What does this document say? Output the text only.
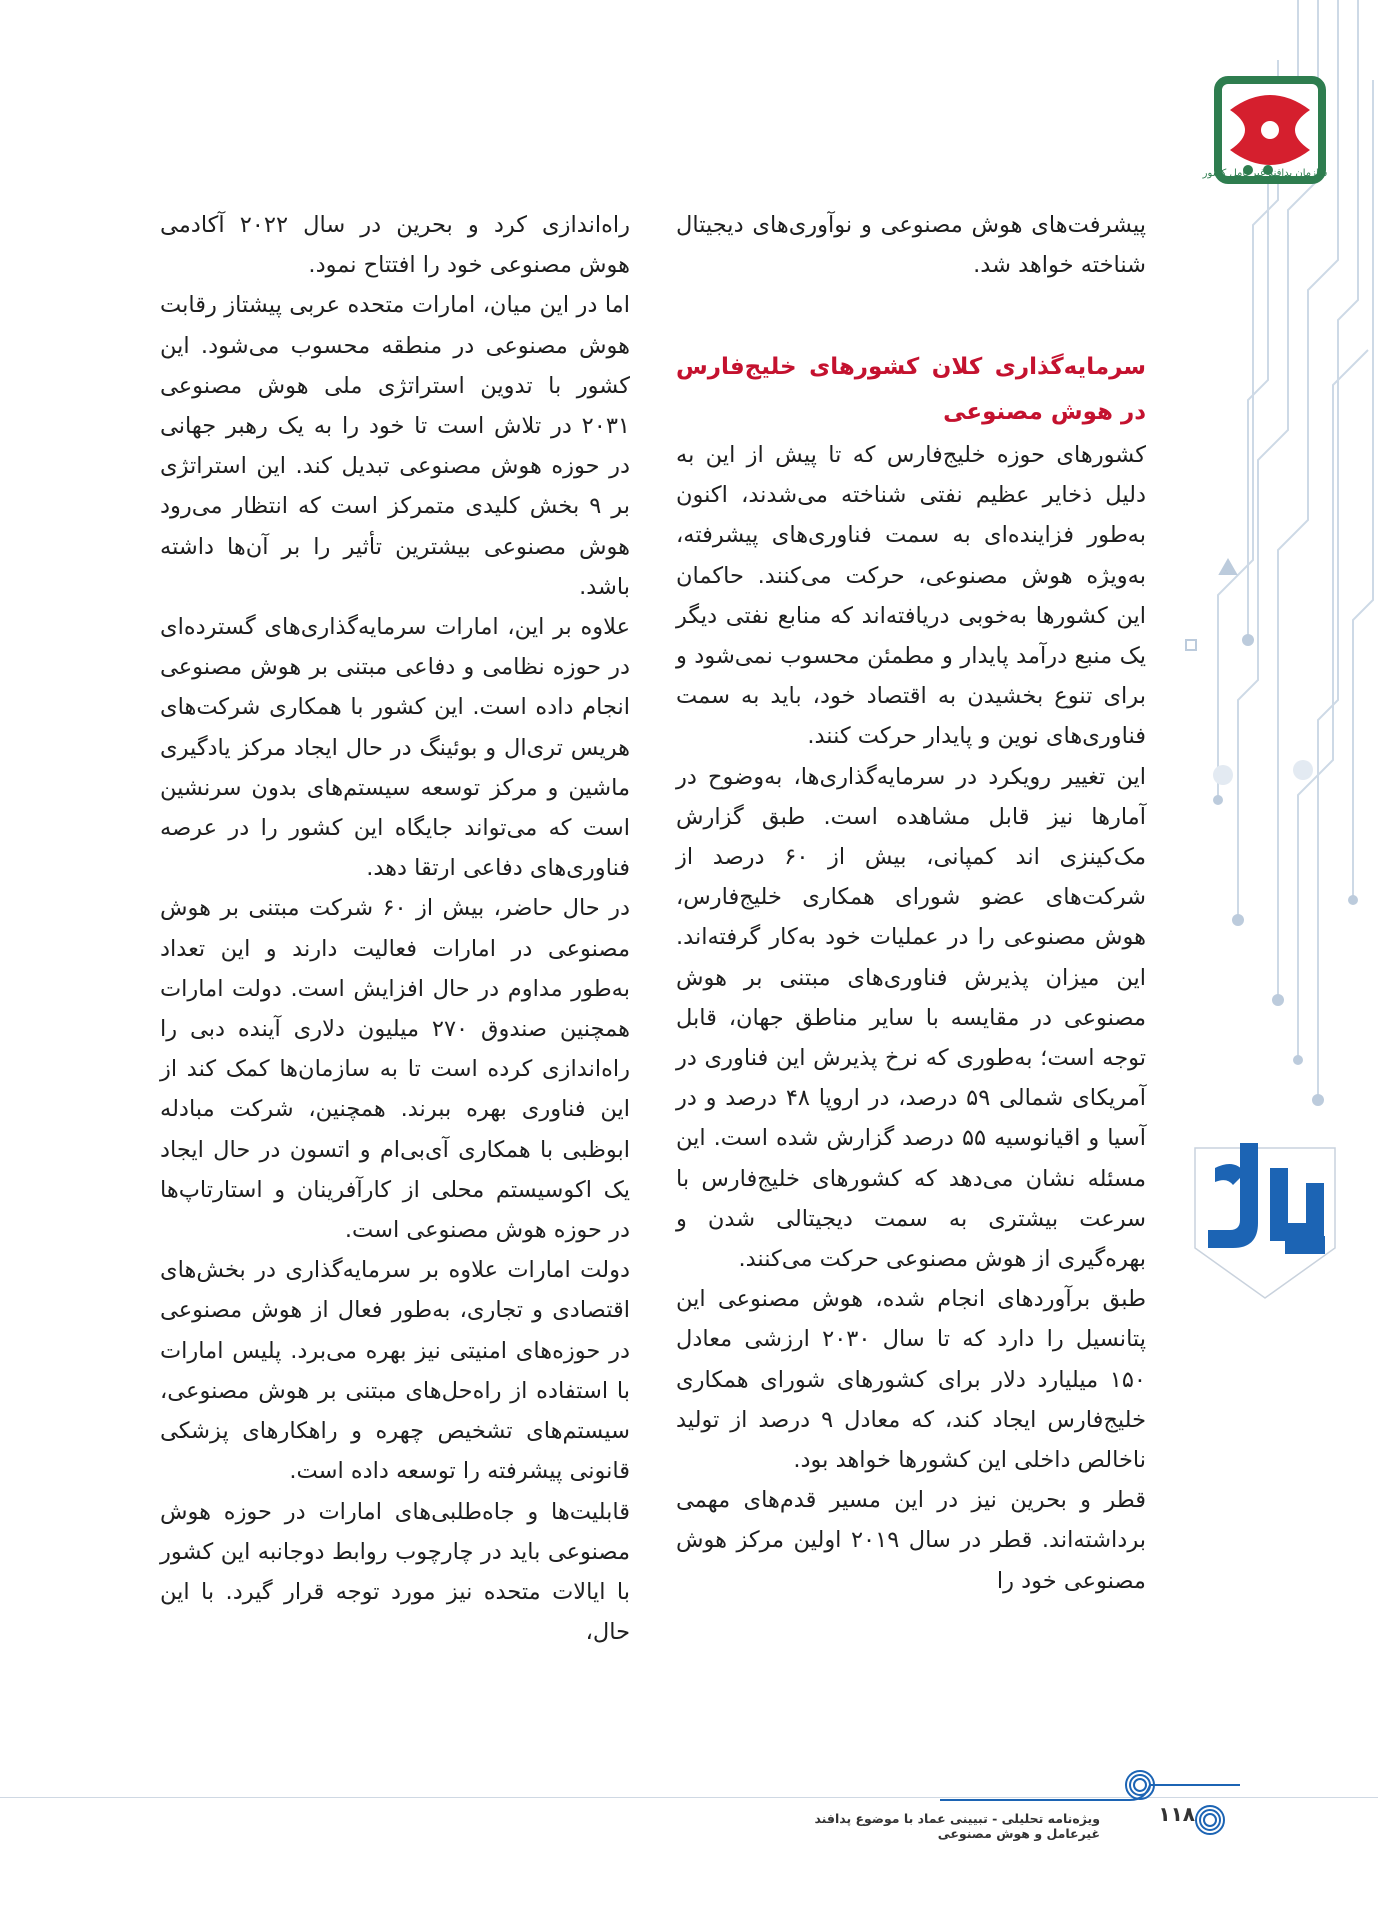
سازمان پدافند غیرعامل کشور

پیشرفت‌های هوش مصنوعی و نوآوری‌های دیجیتال شناخته خواهد شد.

سرمایه‌گذاری کلان کشورهای خلیج‌فارس در هوش مصنوعی

کشورهای حوزه خلیج‌فارس که تا پیش از این به دلیل ذخایر عظیم نفتی شناخته می‌شدند، اکنون به‌طور فزاینده‌ای به سمت فناوری‌های پیشرفته، به‌ویژه هوش مصنوعی، حرکت می‌کنند. حاکمان این کشورها به‌خوبی دریافته‌اند که منابع نفتی دیگر یک منبع درآمد پایدار و مطمئن محسوب نمی‌شود و برای تنوع بخشیدن به اقتصاد خود، باید به سمت فناوری‌های نوین و پایدار حرکت کنند.

این تغییر رویکرد در سرمایه‌گذاری‌ها، به‌وضوح در آمارها نیز قابل مشاهده است. طبق گزارش مک‌کینزی اند کمپانی، بیش از ۶۰ درصد از شرکت‌های عضو شورای همکاری خلیج‌فارس، هوش مصنوعی را در عملیات خود به‌کار گرفته‌اند. این میزان پذیرش فناوری‌های مبتنی بر هوش مصنوعی در مقایسه با سایر مناطق جهان، قابل توجه است؛ به‌طوری که نرخ پذیرش این فناوری در آمریکای شمالی ۵۹ درصد، در اروپا ۴۸ درصد و در آسیا و اقیانوسیه ۵۵ درصد گزارش شده است. این مسئله نشان می‌دهد که کشورهای خلیج‌فارس با سرعت بیشتری به سمت دیجیتالی شدن و بهره‌گیری از هوش مصنوعی حرکت می‌کنند.

طبق برآوردهای انجام شده، هوش مصنوعی این پتانسیل را دارد که تا سال ۲۰۳۰ ارزشی معادل ۱۵۰ میلیارد دلار برای کشورهای شورای همکاری خلیج‌فارس ایجاد کند، که معادل ۹ درصد از تولید ناخالص داخلی این کشورها خواهد بود.

قطر و بحرین نیز در این مسیر قدم‌های مهمی برداشته‌اند. قطر در سال ۲۰۱۹ اولین مرکز هوش مصنوعی خود را

راه‌اندازی کرد و بحرین در سال ۲۰۲۲ آکادمی هوش مصنوعی خود را افتتاح نمود.

اما در این میان، امارات متحده عربی پیشتاز رقابت هوش مصنوعی در منطقه محسوب می‌شود. این کشور با تدوین استراتژی ملی هوش مصنوعی ۲۰۳۱ در تلاش است تا خود را به یک رهبر جهانی در حوزه هوش مصنوعی تبدیل کند. این استراتژی بر ۹ بخش کلیدی متمرکز است که انتظار می‌رود هوش مصنوعی بیشترین تأثیر را بر آن‌ها داشته باشد.

علاوه بر این، امارات سرمایه‌گذاری‌های گسترده‌ای در حوزه نظامی و دفاعی مبتنی بر هوش مصنوعی انجام داده است. این کشور با همکاری شرکت‌های هریس تری‌ال و بوئینگ در حال ایجاد مرکز یادگیری ماشین و مرکز توسعه سیستم‌های بدون سرنشین است که می‌تواند جایگاه این کشور را در عرصه فناوری‌های دفاعی ارتقا دهد.

در حال حاضر، بیش از ۶۰ شرکت مبتنی بر هوش مصنوعی در امارات فعالیت دارند و این تعداد به‌طور مداوم در حال افزایش است. دولت امارات همچنین صندوق ۲۷۰ میلیون دلاری آینده دبی را راه‌اندازی کرده است تا به سازمان‌ها کمک کند از این فناوری بهره ببرند. همچنین، شرکت مبادله ابوظبی با همکاری آی‌بی‌ام و اتسون در حال ایجاد یک اکوسیستم محلی از کارآفرینان و استارتاپ‌ها در حوزه هوش مصنوعی است.

دولت امارات علاوه بر سرمایه‌گذاری در بخش‌های اقتصادی و تجاری، به‌طور فعال از هوش مصنوعی در حوزه‌های امنیتی نیز بهره می‌برد. پلیس امارات با استفاده از راه‌حل‌های مبتنی بر هوش مصنوعی، سیستم‌های تشخیص چهره و راهکارهای پزشکی قانونی پیشرفته را توسعه داده است.

قابلیت‌ها و جاه‌طلبی‌های امارات در حوزه هوش مصنوعی باید در چارچوب روابط دوجانبه این کشور با ایالات متحده نیز مورد توجه قرار گیرد. با این حال،

ویژه‌نامه تحلیلی - تبیینی عماد با موضوع پدافند غیرعامل و هوش مصنوعی
۱۱۸
